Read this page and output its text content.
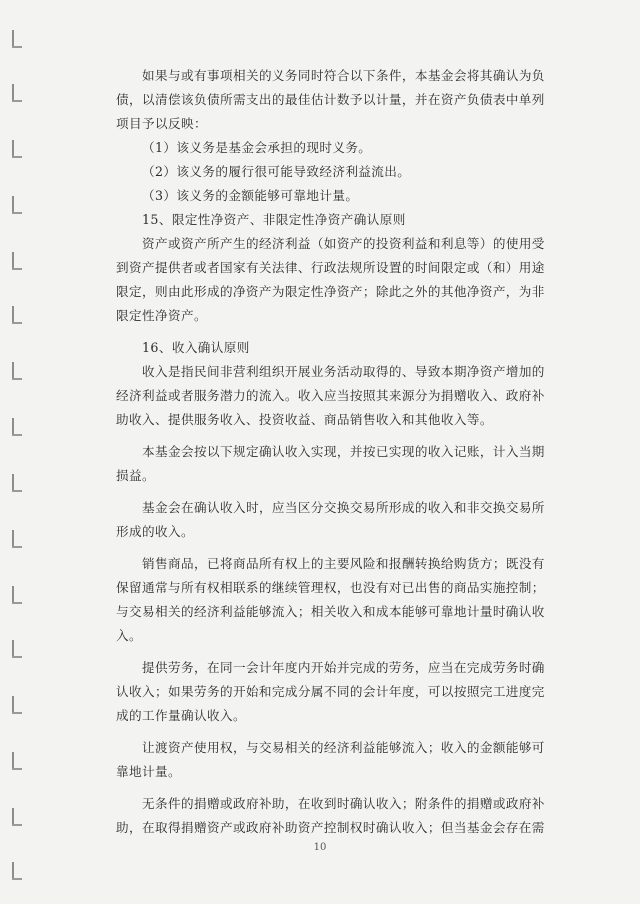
如果与或有事项相关的义务同时符合以下条件，本基金会将其确认为负债，以清偿该负债所需支出的最佳估计数予以计量，并在资产负债表中单列项目予以反映：

（1）该义务是基金会承担的现时义务。

（2）该义务的履行很可能导致经济利益流出。

（3）该义务的金额能够可靠地计量。

15、限定性净资产、非限定性净资产确认原则

资产或资产所产生的经济利益（如资产的投资利益和利息等）的使用受到资产提供者或者国家有关法律、行政法规所设置的时间限定或（和）用途限定，则由此形成的净资产为限定性净资产；除此之外的其他净资产，为非限定性净资产。

16、收入确认原则

收入是指民间非营利组织开展业务活动取得的、导致本期净资产增加的经济利益或者服务潜力的流入。收入应当按照其来源分为捐赠收入、政府补助收入、提供服务收入、投资收益、商品销售收入和其他收入等。

本基金会按以下规定确认收入实现，并按已实现的收入记账，计入当期损益。

基金会在确认收入时，应当区分交换交易所形成的收入和非交换交易所形成的收入。

销售商品，已将商品所有权上的主要风险和报酬转换给购货方；既没有保留通常与所有权相联系的继续管理权，也没有对已出售的商品实施控制；与交易相关的经济利益能够流入；相关收入和成本能够可靠地计量时确认收入。

提供劳务，在同一会计年度内开始并完成的劳务，应当在完成劳务时确认收入；如果劳务的开始和完成分属不同的会计年度，可以按照完工进度完成的工作量确认收入。

让渡资产使用权，与交易相关的经济利益能够流入；收入的金额能够可靠地计量。

无条件的捐赠或政府补助，在收到时确认收入；附条件的捐赠或政府补助，在取得捐赠资产或政府补助资产控制权时确认收入；但当基金会存在需

10
